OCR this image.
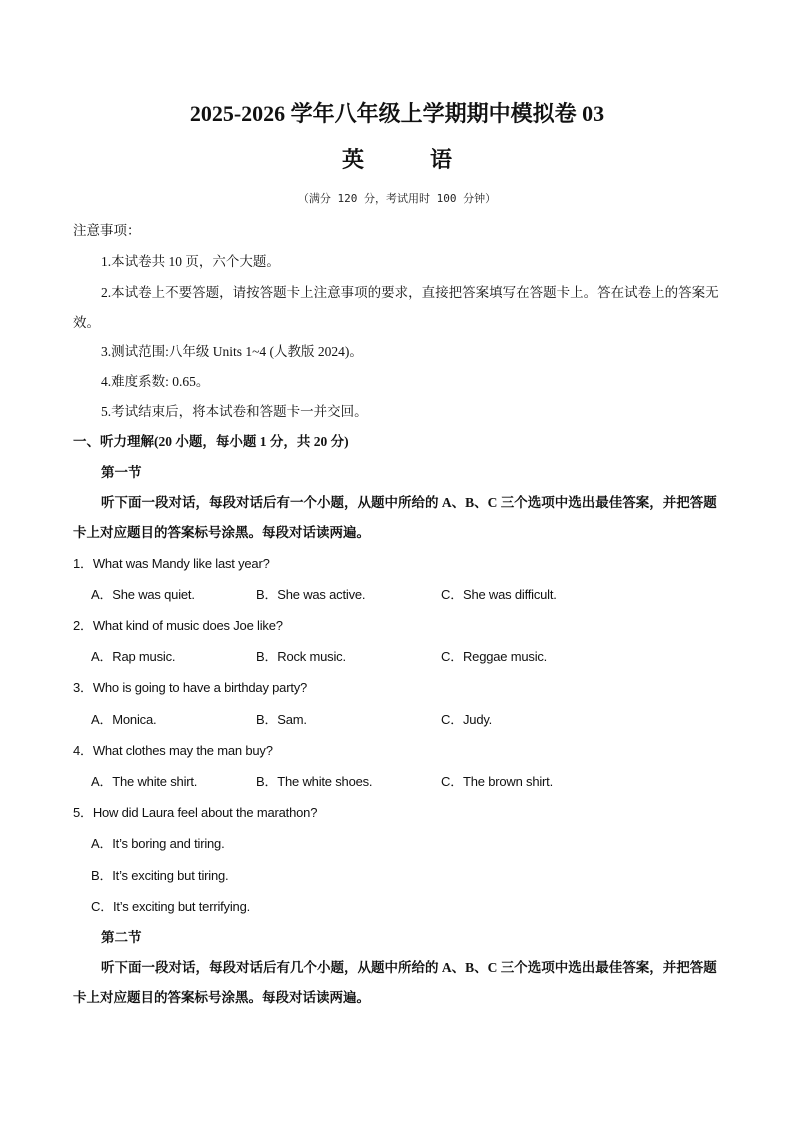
2025-2026 学年八年级上学期期中模拟卷 03
英　语
（满分 120 分，考试用时 100 分钟）
注意事项：
1.本试卷共 10 页，六个大题。
2.本试卷上不要答题，请按答题卡上注意事项的要求，直接把答案填写在答题卡上。答在试卷上的答案无效。
3.测试范围:八年级 Units 1~4 (人教版 2024)。
4.难度系数: 0.65。
5.考试结束后，将本试卷和答题卡一并交回。
一、听力理解(20 小题，每小题 1 分，共 20 分)
第一节
听下面一段对话，每段对话后有一个小题，从题中所给的 A、B、C 三个选项中选出最佳答案，并把答题卡上对应题目的答案标号涂黑。每段对话读两遍。
1．What was Mandy like last year?
A．She was quiet.	B．She was active.	C．She was difficult.
2．What kind of music does Joe like?
A．Rap music.	B．Rock music.	C．Reggae music.
3．Who is going to have a birthday party?
A．Monica.	B．Sam.	C．Judy.
4．What clothes may the man buy?
A．The white shirt.	B．The white shoes.	C．The brown shirt.
5．How did Laura feel about the marathon?
A．It’s boring and tiring.
B．It’s exciting but tiring.
C．It’s exciting but terrifying.
第二节
听下面一段对话，每段对话后有几个小题，从题中所给的 A、B、C 三个选项中选出最佳答案，并把答题卡上对应题目的答案标号涂黑。每段对话读两遍。
